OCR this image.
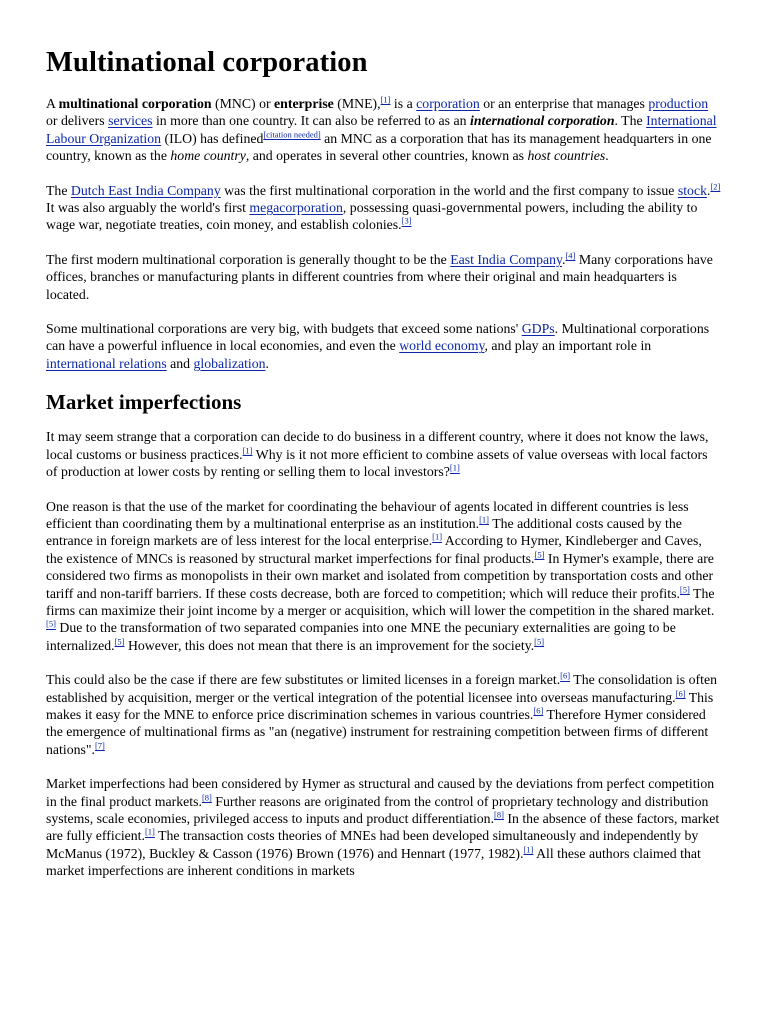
Multinational corporation

A multinational corporation (MNC) or enterprise (MNE),[1] is a corporation or an enterprise that manages production or delivers services in more than one country. It can also be referred to as an international corporation. The International Labour Organization (ILO) has defined[citation needed] an MNC as a corporation that has its management headquarters in one country, known as the home country, and operates in several other countries, known as host countries.

The Dutch East India Company was the first multinational corporation in the world and the first company to issue stock.[2] It was also arguably the world's first megacorporation, possessing quasi-governmental powers, including the ability to wage war, negotiate treaties, coin money, and establish colonies.[3]

The first modern multinational corporation is generally thought to be the East India Company.[4] Many corporations have offices, branches or manufacturing plants in different countries from where their original and main headquarters is located.

Some multinational corporations are very big, with budgets that exceed some nations' GDPs. Multinational corporations can have a powerful influence in local economies, and even the world economy, and play an important role in international relations and globalization.

Market imperfections

It may seem strange that a corporation can decide to do business in a different country, where it does not know the laws, local customs or business practices.[1] Why is it not more efficient to combine assets of value overseas with local factors of production at lower costs by renting or selling them to local investors?[1]

One reason is that the use of the market for coordinating the behaviour of agents located in different countries is less efficient than coordinating them by a multinational enterprise as an institution.[1] The additional costs caused by the entrance in foreign markets are of less interest for the local enterprise.[1] According to Hymer, Kindleberger and Caves, the existence of MNCs is reasoned by structural market imperfections for final products.[5] In Hymer's example, there are considered two firms as monopolists in their own market and isolated from competition by transportation costs and other tariff and non-tariff barriers. If these costs decrease, both are forced to competition; which will reduce their profits.[5] The firms can maximize their joint income by a merger or acquisition, which will lower the competition in the shared market.[5] Due to the transformation of two separated companies into one MNE the pecuniary externalities are going to be internalized.[5] However, this does not mean that there is an improvement for the society.[5]

This could also be the case if there are few substitutes or limited licenses in a foreign market.[6] The consolidation is often established by acquisition, merger or the vertical integration of the potential licensee into overseas manufacturing.[6] This makes it easy for the MNE to enforce price discrimination schemes in various countries.[6] Therefore Hymer considered the emergence of multinational firms as "an (negative) instrument for restraining competition between firms of different nations".[7]

Market imperfections had been considered by Hymer as structural and caused by the deviations from perfect competition in the final product markets.[8] Further reasons are originated from the control of proprietary technology and distribution systems, scale economies, privileged access to inputs and product differentiation.[8] In the absence of these factors, market are fully efficient.[1] The transaction costs theories of MNEs had been developed simultaneously and independently by McManus (1972), Buckley & Casson (1976) Brown (1976) and Hennart (1977, 1982).[1] All these authors claimed that market imperfections are inherent conditions in markets
